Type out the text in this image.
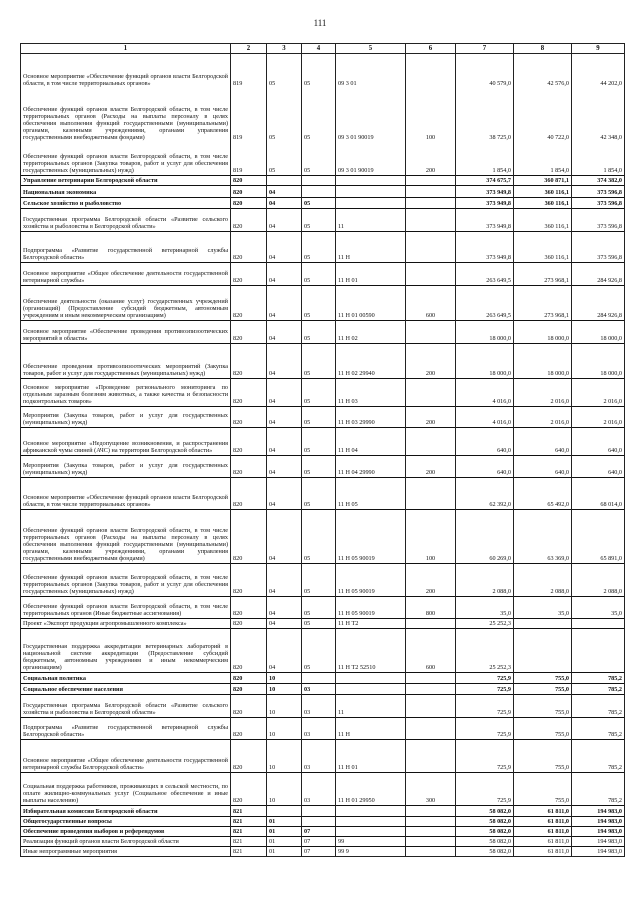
111
1	2	3	4	5	6	7	8	9
Основное мероприятие «Обеспечение функций органов власти Белгородской области, в том числе территориальных органов»	819	05	05	09 3 01		40 579,0	42 576,0	44 202,0
Обеспечение функций органов власти Белгородской области, в том числе территориальных органов (Расходы на выплаты персоналу в целях обеспечения выполнения функций государственными (муниципальными) органами, казенными учреждениями, органами управления государственными внебюджетными фондами)	819	05	05	09 3 01 90019	100	38 725,0	40 722,0	42 348,0
Обеспечение функций органов власти Белгородской области, в том числе территориальных органов (Закупка товаров, работ и услуг для обеспечения государственных (муниципальных) нужд)	819	05	05	09 3 01 90019	200	1 854,0	1 854,0	1 854,0
Управление ветеринарии Белгородской области	820					374 675,7	360 871,1	374 382,0
Национальная экономика	820	04				373 949,8	360 116,1	373 596,8
Сельское хозяйство и рыболовство	820	04	05			373 949,8	360 116,1	373 596,8
Государственная программа Белгородской области «Развитие сельского хозяйства и рыболовства в Белгородской области»	820	04	05	11		373 949,8	360 116,1	373 596,8
Подпрограмма «Развитие государственной ветеринарной службы Белгородской области»	820	04	05	11 Н		373 949,8	360 116,1	373 596,8
Основное мероприятие «Общее обеспечение деятельности государственной ветеринарной службы»	820	04	05	11 Н 01		263 649,5	273 968,1	284 926,8
Обеспечение деятельности (оказание услуг) государственных учреждений (организаций) (Предоставление субсидий бюджетным, автономным учреждениям и иным некоммерческим организациям)	820	04	05	11 Н 01 00590	600	263 649,5	273 968,1	284 926,8
Основное мероприятие «Обеспечение проведения противоэпизоотических мероприятий в области»	820	04	05	11 Н 02		18 000,0	18 000,0	18 000,0
Обеспечение проведения противоэпизоотических мероприятий (Закупка товаров, работ и услуг для государственных (муниципальных) нужд)	820	04	05	11 Н 02 29940	200	18 000,0	18 000,0	18 000,0
Основное мероприятие «Проведение регионального мониторинга по отдельным заразным болезням животных, а также качества и безопасности подконтрольных товаров»	820	04	05	11 Н 03		4 016,0	2 016,0	2 016,0
Мероприятия (Закупка товаров, работ и услуг для государственных (муниципальных) нужд)	820	04	05	11 Н 03 29990	200	4 016,0	2 016,0	2 016,0
Основное мероприятие «Недопущение возникновения, и распространения африканской чумы свиней (АЧС) на территории Белгородской области»	820	04	05	11 Н 04		640,0	640,0	640,0
Мероприятия (Закупка товаров, работ и услуг для государственных (муниципальных) нужд)	820	04	05	11 Н 04 29990	200	640,0	640,0	640,0
Основное мероприятие «Обеспечение функций органов власти Белгородской области, в том числе территориальных органов»	820	04	05	11 Н 05		62 392,0	65 492,0	68 014,0
Обеспечение функций органов власти Белгородской области, в том числе территориальных органов (Расходы на выплаты персоналу в целях обеспечения выполнения функций государственными (муниципальными) органами, казенными учреждениями, органами управления государственными внебюджетными фондами)	820	04	05	11 Н 05 90019	100	60 269,0	63 369,0	65 891,0
Обеспечение функций органов власти Белгородской области, в том числе территориальных органов (Закупка товаров, работ и услуг для обеспечения государственных (муниципальных) нужд)	820	04	05	11 Н 05 90019	200	2 088,0	2 088,0	2 088,0
Обеспечение функций органов власти Белгородской области, в том числе территориальных органов (Иные бюджетные ассигнования)	820	04	05	11 Н 05 90019	800	35,0	35,0	35,0
Проект «Экспорт продукции агропромышленного комплекса»	820	04	05	11 Н Т2		25 252,3		
Государственная поддержка аккредитации ветеринарных лабораторий в национальной системе аккредитации (Предоставление субсидий бюджетным, автономным учреждениям и иным некоммерческим организациям)	820	04	05	11 Н Т2 52510	600	25 252,3		
Социальная политика	820	10				725,9	755,0	785,2
Социальное обеспечение населения	820	10	03			725,9	755,0	785,2
Государственная программа Белгородской области «Развитие сельского хозяйства и рыболовства в Белгородской области»	820	10	03	11		725,9	755,0	785,2
Подпрограмма «Развитие государственной ветеринарной службы Белгородской области»	820	10	03	11 Н		725,9	755,0	785,2
Основное мероприятие «Общее обеспечение деятельности государственной ветеринарной службы Белгородской области»	820	10	03	11 Н 01		725,9	755,0	785,2
Социальная поддержка работников, проживающих в сельской местности, по оплате жилищно-коммунальных услуг (Социальное обеспечение и иные выплаты населению)	820	10	03	11 Н 01 29950	300	725,9	755,0	785,2
Избирательная комиссия Белгородской области	821					58 082,0	61 811,0	194 983,0
Общегосударственные вопросы	821	01				58 082,0	61 811,0	194 983,0
Обеспечение проведения выборов и референдумов	821	01	07			58 082,0	61 811,0	194 983,0
Реализация функций органов власти Белгородской области	821	01	07	99		58 082,0	61 811,0	194 983,0
Иные непрограммные мероприятия	821	01	07	99 9		58 082,0	61 811,0	194 983,0
